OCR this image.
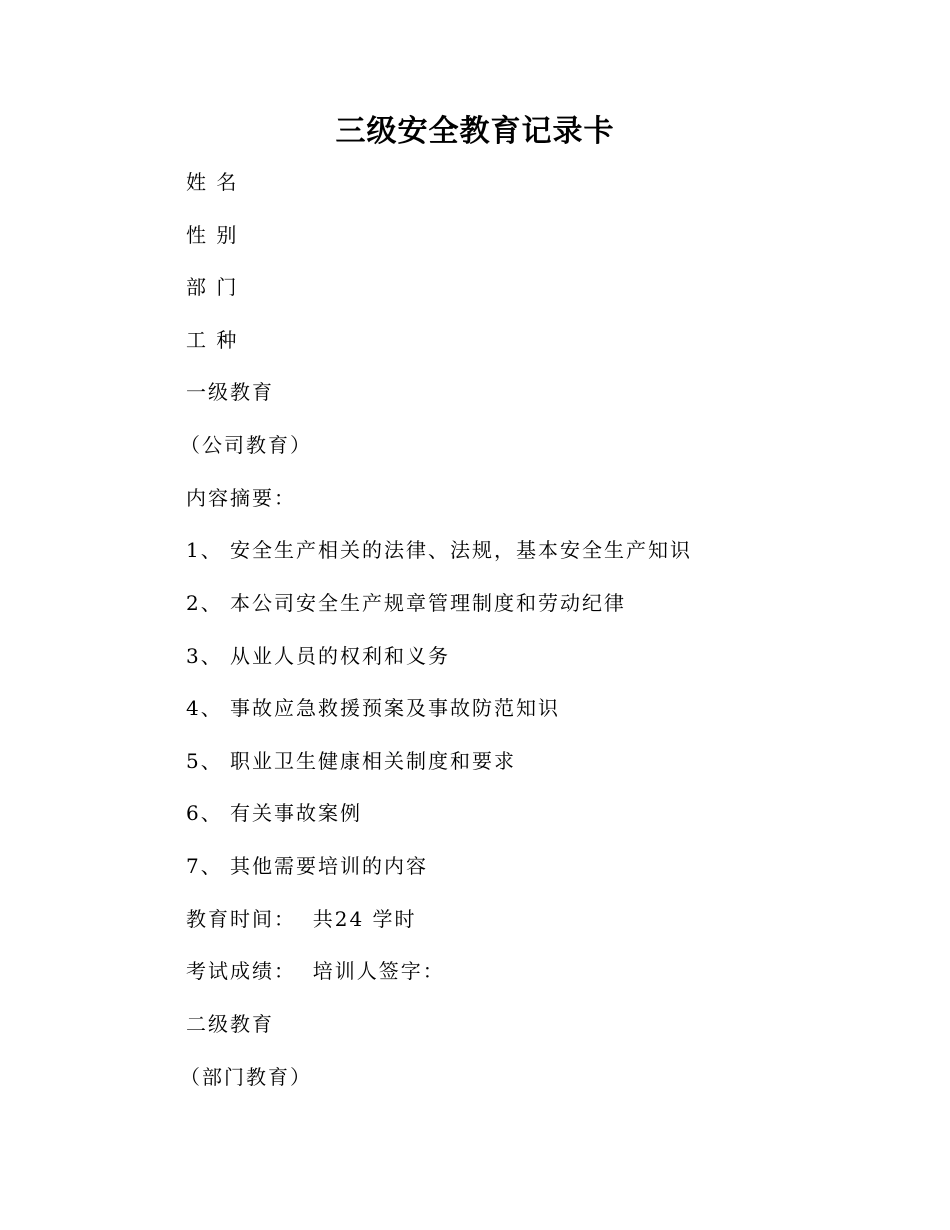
三级安全教育记录卡
姓 名
性 别
部 门
工 种
一级教育
（公司教育）
内容摘要：
1、 安全生产相关的法律、法规，基本安全生产知识
2、 本公司安全生产规章管理制度和劳动纪律
3、 从业人员的权利和义务
4、 事故应急救援预案及事故防范知识
5、 职业卫生健康相关制度和要求
6、 有关事故案例
7、 其他需要培训的内容
教育时间：  共24 学时
考试成绩：  培训人签字：
二级教育
（部门教育）
